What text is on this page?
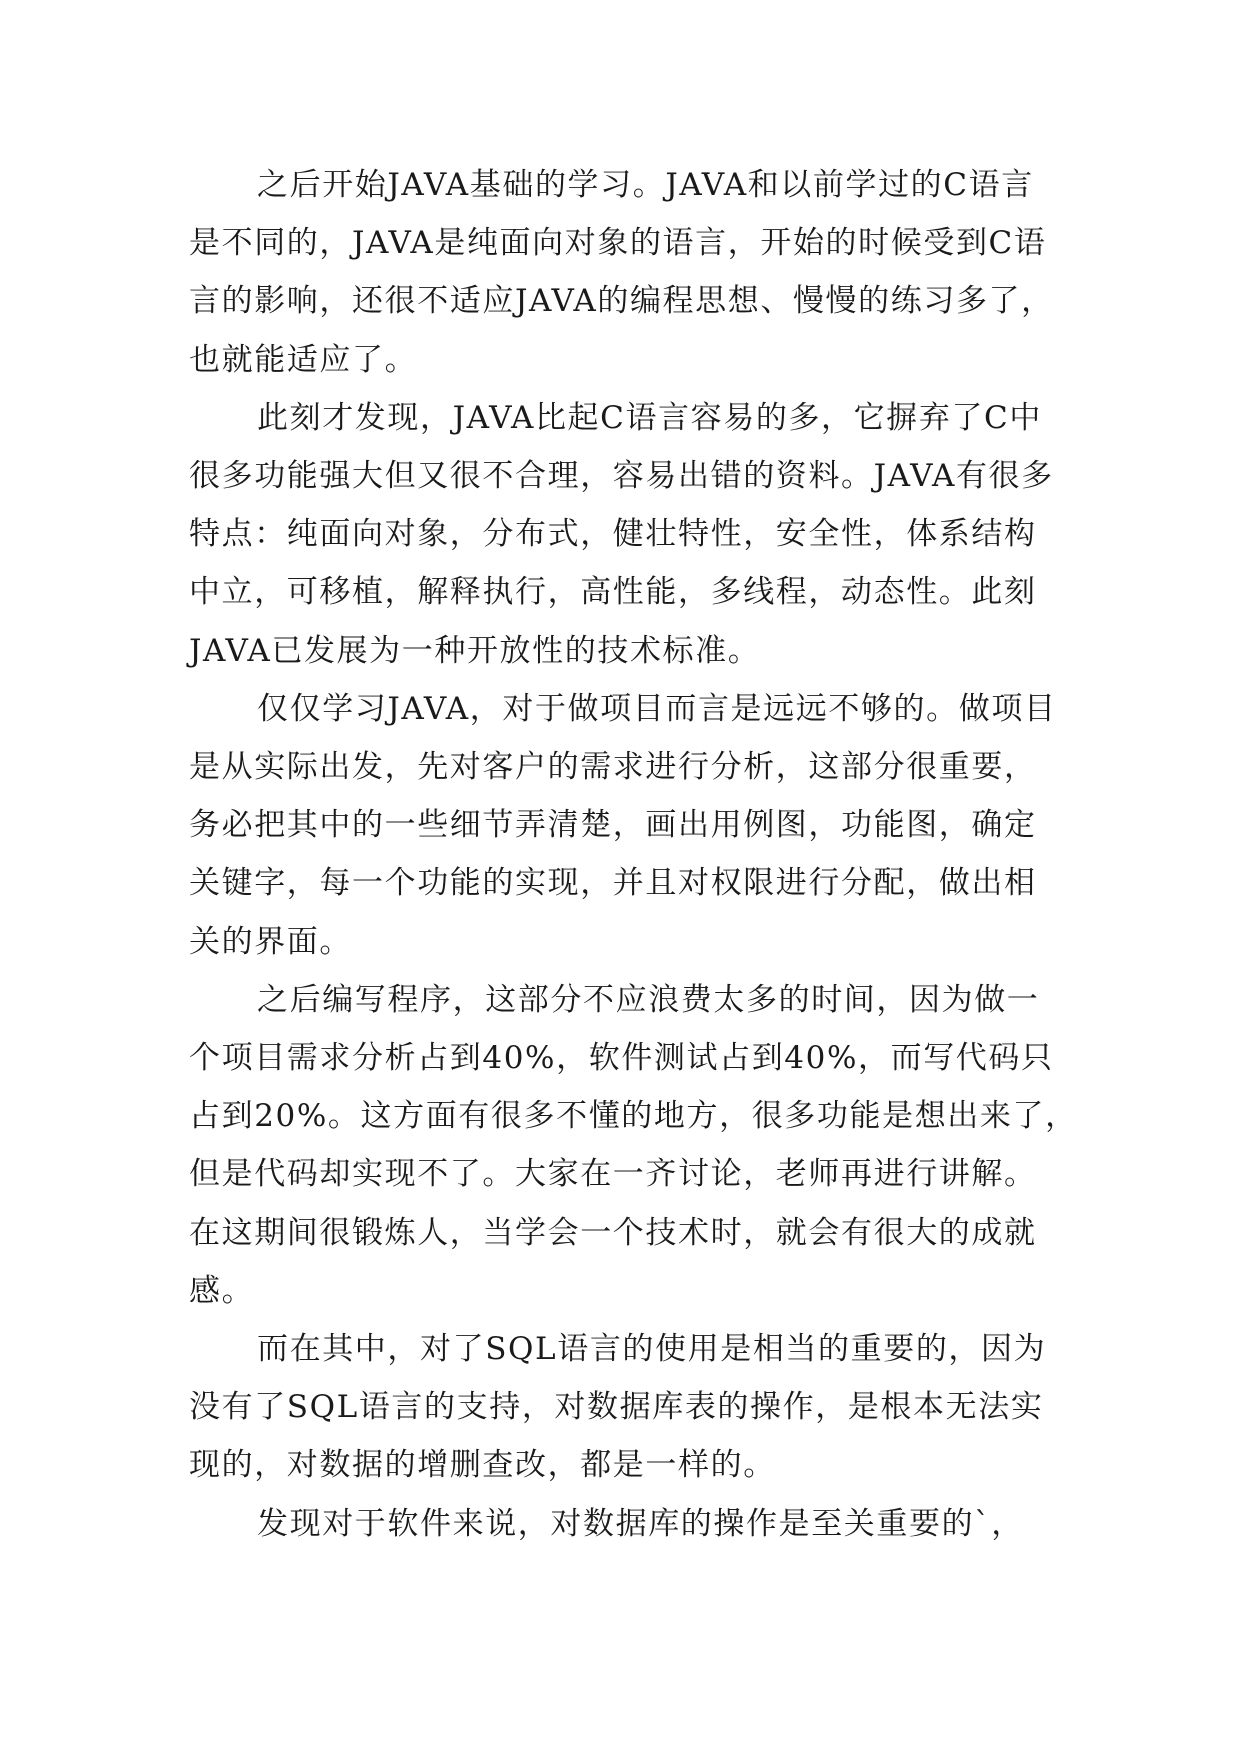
之后开始JAVA基础的学习。JAVA和以前学过的C语言
是不同的，JAVA是纯面向对象的语言，开始的时候受到C语
言的影响，还很不适应JAVA的编程思想、慢慢的练习多了，
也就能适应了。

此刻才发现，JAVA比起C语言容易的多，它摒弃了C中
很多功能强大但又很不合理，容易出错的资料。JAVA有很多
特点：纯面向对象，分布式，健壮特性，安全性，体系结构
中立，可移植，解释执行，高性能，多线程，动态性。此刻
JAVA已发展为一种开放性的技术标准。

仅仅学习JAVA，对于做项目而言是远远不够的。做项目
是从实际出发，先对客户的需求进行分析，这部分很重要，
务必把其中的一些细节弄清楚，画出用例图，功能图，确定
关键字，每一个功能的实现，并且对权限进行分配，做出相
关的界面。

之后编写程序，这部分不应浪费太多的时间，因为做一
个项目需求分析占到40%，软件测试占到40%，而写代码只
占到20%。这方面有很多不懂的地方，很多功能是想出来了，
但是代码却实现不了。大家在一齐讨论，老师再进行讲解。
在这期间很锻炼人，当学会一个技术时，就会有很大的成就
感。

而在其中，对了SQL语言的使用是相当的重要的，因为
没有了SQL语言的支持，对数据库表的操作，是根本无法实
现的，对数据的增删查改，都是一样的。

发现对于软件来说，对数据库的操作是至关重要的`，
